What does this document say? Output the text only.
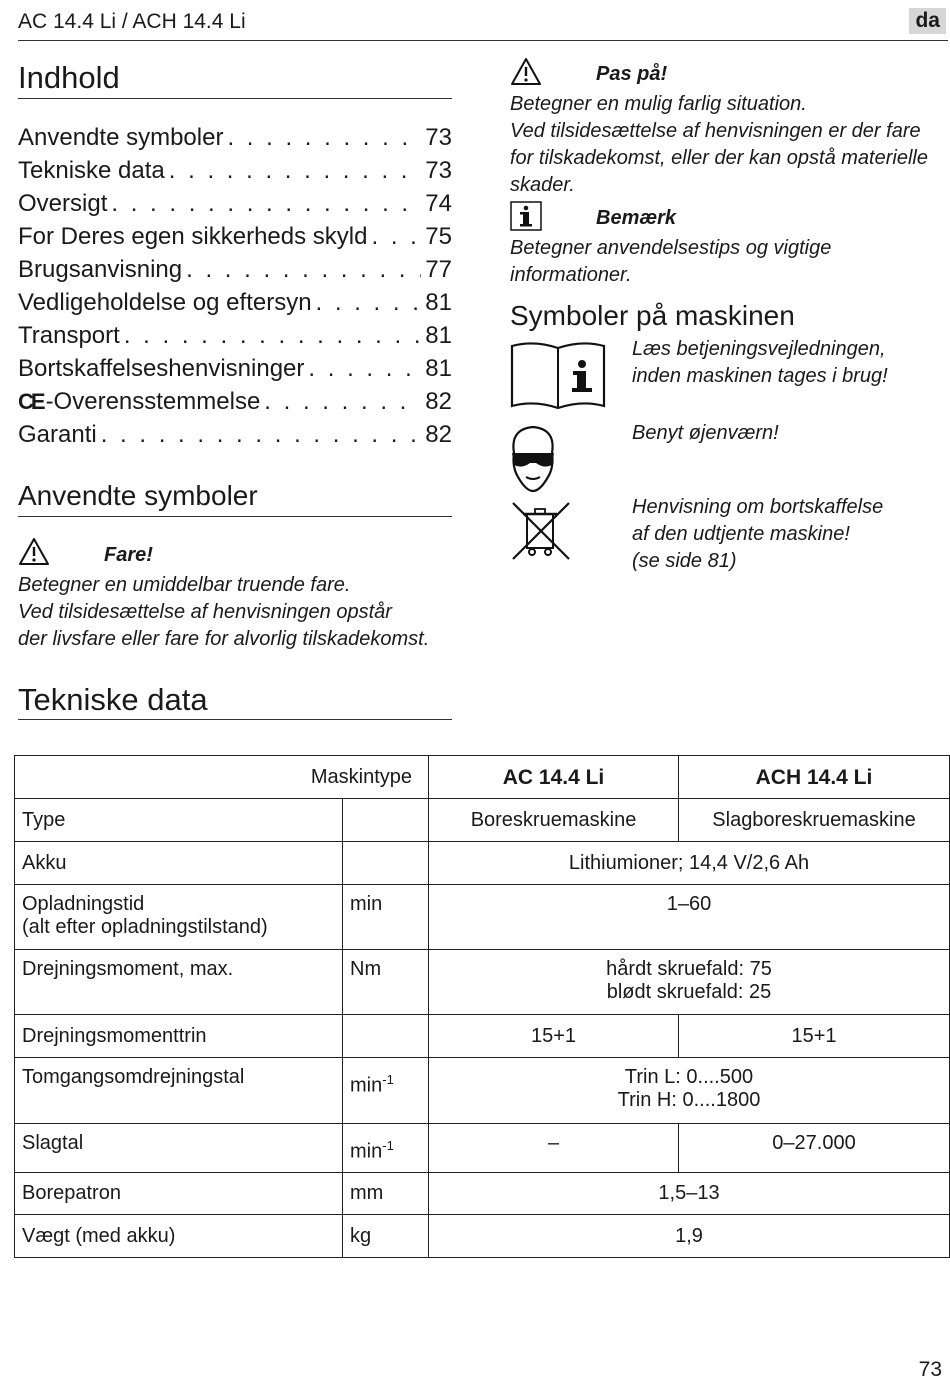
AC 14.4 Li / ACH 14.4 Li	da
Indhold
Anvendte symboler . . .	73
Tekniske data . . .	73
Oversigt . . .	74
For Deres egen sikkerheds skyld . . . 75
Brugsanvisning . . .	77
Vedligeholdelse og eftersyn . . .	81
Transport . . .	81
Bortskaffelseshenvisninger . . .	81
CE -Overensstemmelse . . .	82
Garanti . . .	82
Anvendte symboler
Fare!
Betegner en umiddelbar truende fare.
Ved tilsidesættelse af henvisningen opstår
der livsfare eller fare for alvorlig tilskadekomst.
Pas på!
Betegner en mulig farlig situation.
Ved tilsidesættelse af henvisningen er der fare
for tilskadekomst, eller der kan opstå materielle
skader.
Bemærk
Betegner anvendelsestips og vigtige
informationer.
Symboler på maskinen
Læs betjeningsvejledningen,
inden maskinen tages i brug!
Benyt øjenværn!
Henvisning om bortskaffelse
af den udtjente maskine!
(se side 81)
Tekniske data
Maskintype		AC 14.4 Li	ACH 14.4 Li
Type		Boreskruemaskine	Slagboreskruemaskine
Akku		Lithiumioner; 14,4 V/2,6 Ah	

Opladningstid
(alt efter opladningstilstand)	min	1–60	
Drejningsmoment, max.	Nm	hårdt skruefald: 75
blødt skruefald: 25	

Drejningsmomenttrin		15+1	15+1
Tomgangsomdrejningstal	$\min^{-1}$	Trin L: 0....500
Trin H: 0....1800	

Slagtal	$\min^{-1}$	–	0–27.000
Borepatron	mm	1,5–13	
Vægt (med akku)	kg	1,9	
73
